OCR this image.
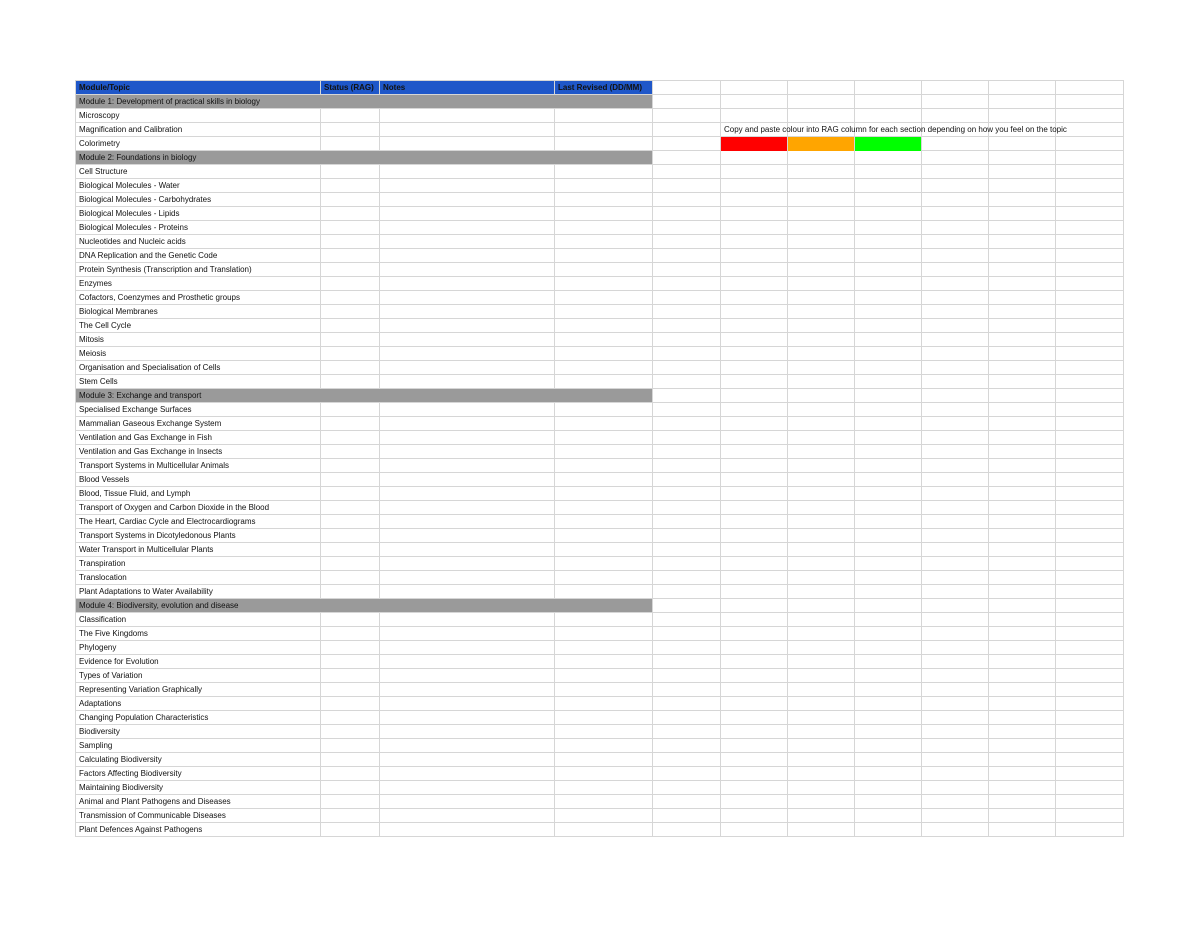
Module/Topic	Status (RAG)	Notes	Last Revised (DD/MM)
Module 1: Development of practical skills in biology
Microscopy
Magnification and Calibration
Colorimetry
Module 2: Foundations in biology
Cell Structure
Biological Molecules - Water
Biological Molecules - Carbohydrates
Biological Molecules - Lipids
Biological Molecules - Proteins
Nucleotides and Nucleic acids
DNA Replication and the Genetic Code
Protein Synthesis (Transcription and Translation)
Enzymes
Cofactors, Coenzymes and Prosthetic groups
Biological Membranes
The Cell Cycle
Mitosis
Meiosis
Organisation and Specialisation of Cells
Stem Cells
Module 3: Exchange and transport
Specialised Exchange Surfaces
Mammalian Gaseous Exchange System
Ventilation and Gas Exchange in Fish
Ventilation and Gas Exchange in Insects
Transport Systems in Multicellular Animals
Blood Vessels
Blood, Tissue Fluid, and Lymph
Transport of Oxygen and Carbon Dioxide in the Blood
The Heart, Cardiac Cycle and Electrocardiograms
Transport Systems in Dicotyledonous Plants
Water Transport in Multicellular Plants
Transpiration
Translocation
Plant Adaptations to Water Availability
Module 4: Biodiversity, evolution and disease
Classification
The Five Kingdoms
Phylogeny
Evidence for Evolution
Types of Variation
Representing Variation Graphically
Adaptations
Changing Population Characteristics
Biodiversity
Sampling
Calculating Biodiversity
Factors Affecting Biodiversity
Maintaining Biodiversity
Animal and Plant Pathogens and Diseases
Transmission of Communicable Diseases
Plant Defences Against Pathogens
Copy and paste colour into RAG column for each section depending on how you feel on the topic
